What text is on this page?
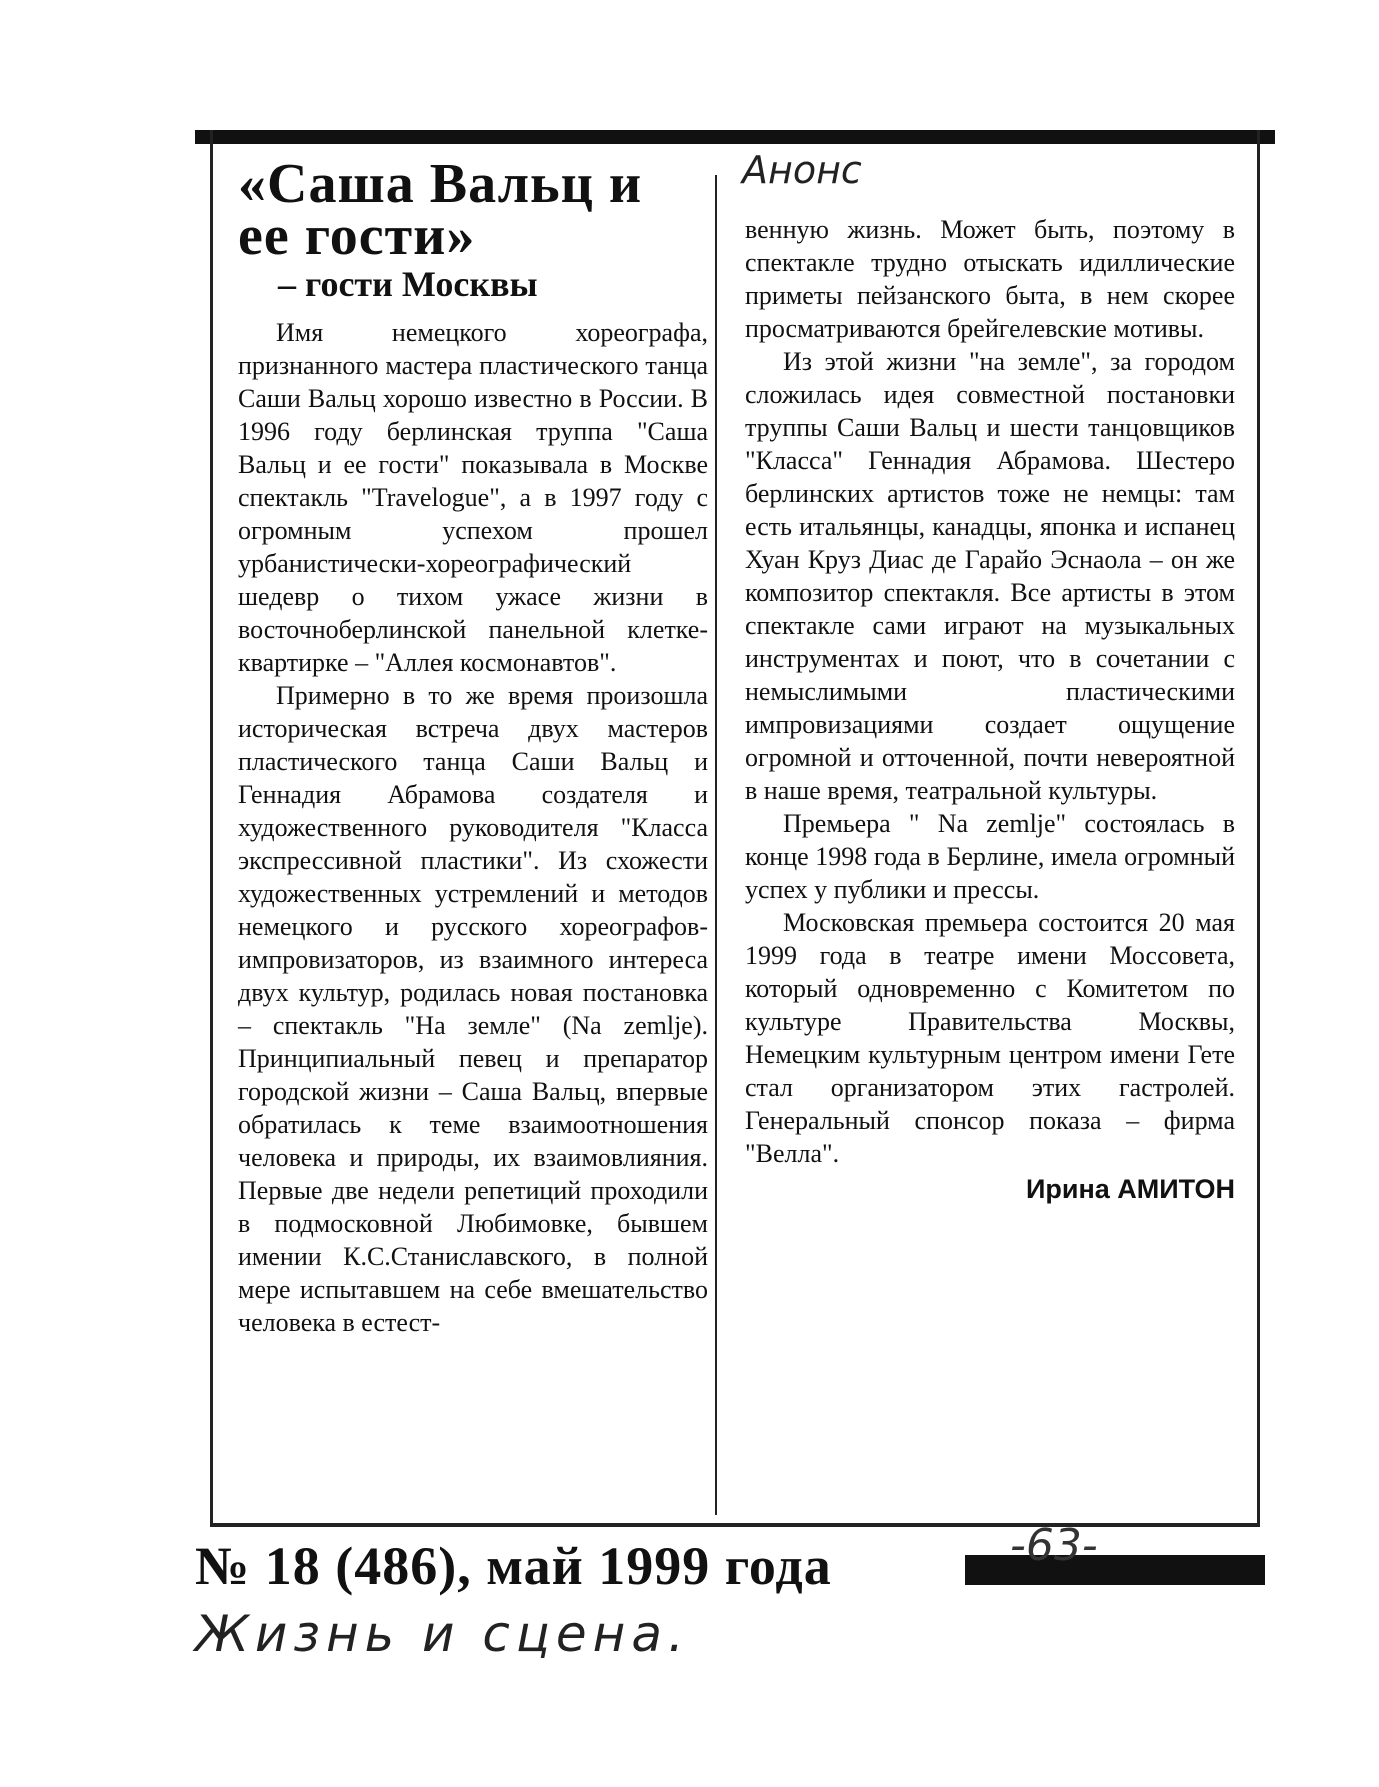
Анонс
«Саша Вальц и ее гости»
– гости Москвы

Имя немецкого хореографа, признанного мастера пластического танца Саши Вальц хорошо известно в России. В 1996 году берлинская труппа "Саша Вальц и ее гости" показывала в Москве спектакль "Travelogue", а в 1997 году с огромным успехом прошел урбанистически-хореографический шедевр о тихом ужасе жизни в восточноберлинской панельной клетке-квартирке – "Аллея космонавтов".

Примерно в то же время произошла историческая встреча двух мастеров пластического танца Саши Вальц и Геннадия Абрамова создателя и художественного руководителя "Класса экспрессивной пластики". Из схожести художественных устремлений и методов немецкого и русского хореографов-импровизаторов, из взаимного интереса двух культур, родилась новая постановка – спектакль "На земле" (Na zemlje). Принципиальный певец и препаратор городской жизни – Саша Вальц, впервые обратилась к теме взаимоотношения человека и природы, их взаимовлияния. Первые две недели репетиций проходили в подмосковной Любимовке, бывшем имении К.С.Станиславского, в полной мере испытавшем на себе вмешательство человека в естест-

венную жизнь. Может быть, поэтому в спектакле трудно отыскать идиллические приметы пейзанского быта, в нем скорее просматриваются брейгелевские мотивы.

Из этой жизни "на земле", за городом сложилась идея совместной постановки труппы Саши Вальц и шести танцовщиков "Класса" Геннадия Абрамова. Шестеро берлинских артистов тоже не немцы: там есть итальянцы, канадцы, японка и испанец Хуан Круз Диас де Гарайо Эснаола – он же композитор спектакля. Все артисты в этом спектакле сами играют на музыкальных инструментах и поют, что в сочетании с немыслимыми пластическими импровизациями создает ощущение огромной и отточенной, почти невероятной в наше время, театральной культуры.

Премьера " Na zemlje" состоялась в конце 1998 года в Берлине, имела огромный успех у публики и прессы.

Московская премьера состоится 20 мая 1999 года в театре имени Моссовета, который одновременно с Комитетом по культуре Правительства Москвы, Немецким культурным центром имени Гете стал организатором этих гастролей. Генеральный спонсор показа – фирма "Велла".

Ирина АМИТОН
№ 18 (486), май 1999 года	-63-
Жизнь и сцена.
